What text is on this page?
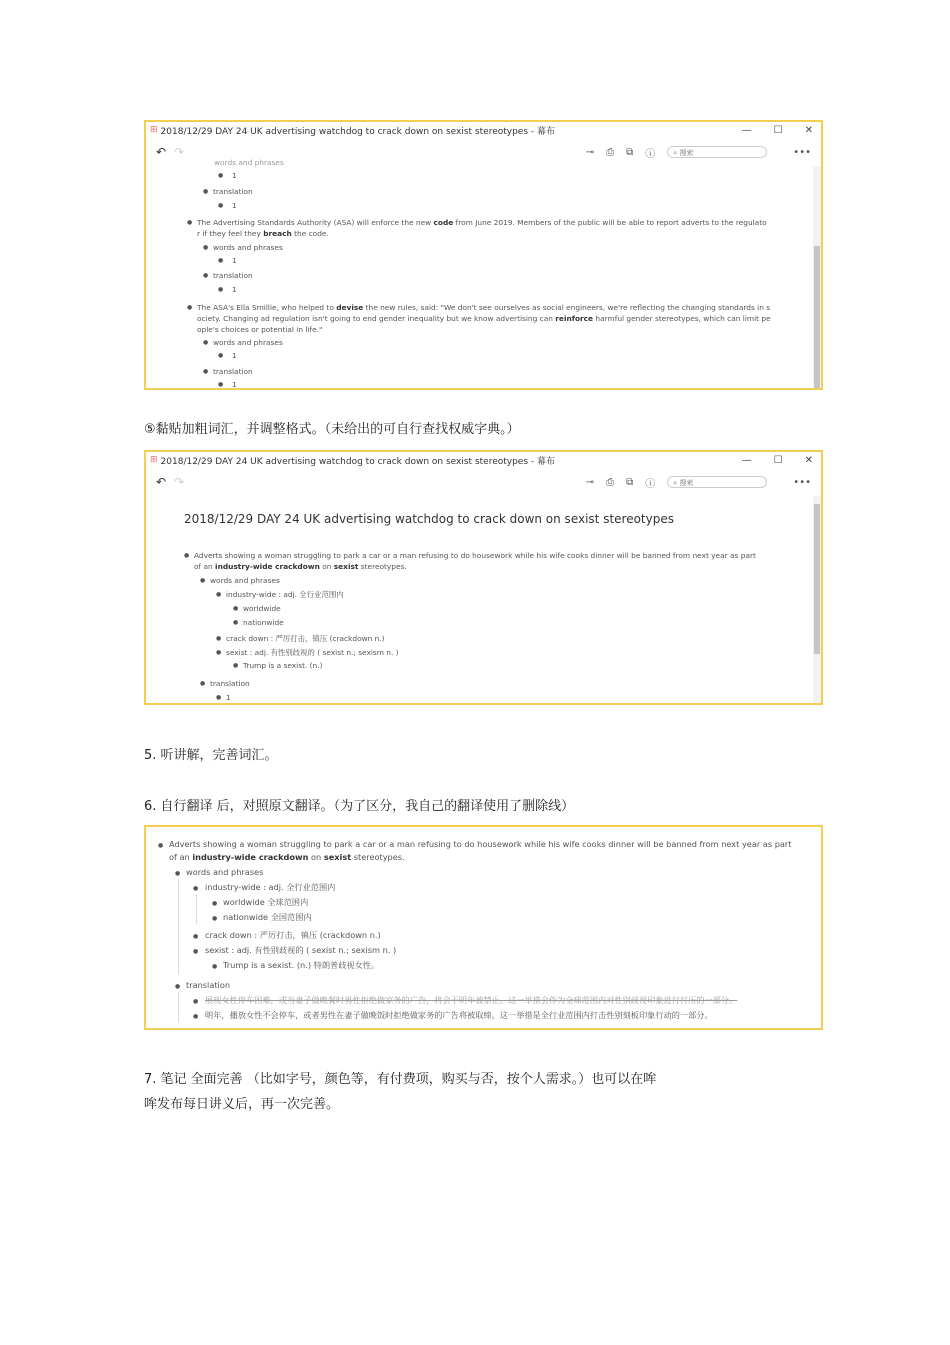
⊞ 2018/12/29 DAY 24 UK advertising watchdog to crack down on sexist stereotypes - 幕布	— ☐ ✕
↶ ↷	⊸ ⎙ ⧉ ⓘ	⌕ 搜索	•••
words and phrases
● 1
● translation
● 1
● The Advertising Standards Authority (ASA) will enforce the new code from June 2019. Members of the public will be able to report adverts to the regulato
r if they feel they breach the code.
● words and phrases
● 1
● translation
● 1
● The ASA's Ella Smillie, who helped to devise the new rules, said: "We don't see ourselves as social engineers, we're reflecting the changing standards in s
ociety. Changing ad regulation isn't going to end gender inequality but we know advertising can reinforce harmful gender stereotypes, which can limit pe
ople's choices or potential in life."
● words and phrases
● 1
● translation
● 1
⑤黏贴加粗词汇，并调整格式。（未给出的可自行查找权威字典。）
⊞ 2018/12/29 DAY 24 UK advertising watchdog to crack down on sexist stereotypes - 幕布	— ☐ ✕
↶ ↷	⊸ ⎙ ⧉ ⓘ	⌕ 搜索	•••
2018/12/29 DAY 24 UK advertising watchdog to crack down on sexist stereotypes
● Adverts showing a woman struggling to park a car or a man refusing to do housework while his wife cooks dinner will be banned from next year as part
of an industry-wide crackdown on sexist stereotypes.
● words and phrases
● industry-wide : adj. 全行业范围内
● worldwide
● nationwide
● crack down : 严厉打击，镇压 (crackdown n.)
● sexist : adj. 有性别歧视的 ( sexist n.; sexism n. )
● Trump is a sexist. (n.)
● translation
● 1
5. 听讲解，完善词汇。
6. 自行翻译 后，对照原文翻译。（为了区分，我自己的翻译使用了删除线）
● Adverts showing a woman struggling to park a car or a man refusing to do housework while his wife cooks dinner will be banned from next year as part
of an industry-wide crackdown on sexist stereotypes.
● words and phrases
● industry-wide : adj. 全行业范围内
● worldwide 全球范围内
● nationwide 全国范围内
● crack down : 严厉打击，镇压 (crackdown n.)
● sexist : adj. 有性别歧视的 ( sexist n.; sexism n. )
● Trump is a sexist. (n.) 特朗普歧视女性。
● translation
● 展现女性停车困难，或当妻子做晚餐时男性拒绝做家务的广告，将会于明年被禁止。这一举措会作为全球范围内对性别歧视印象进行打压的一部分。
● 明年，播放女性不会停车，或者男性在妻子做晚饭时拒绝做家务的广告将被取缔。这一举措是全行业范围内打击性别刻板印象行动的一部分。
7. 笔记 全面完善 （比如字号，颜色等，有付费项，购买与否，按个人需求。）也可以在哞
哞发布每日讲义后，再一次完善。
